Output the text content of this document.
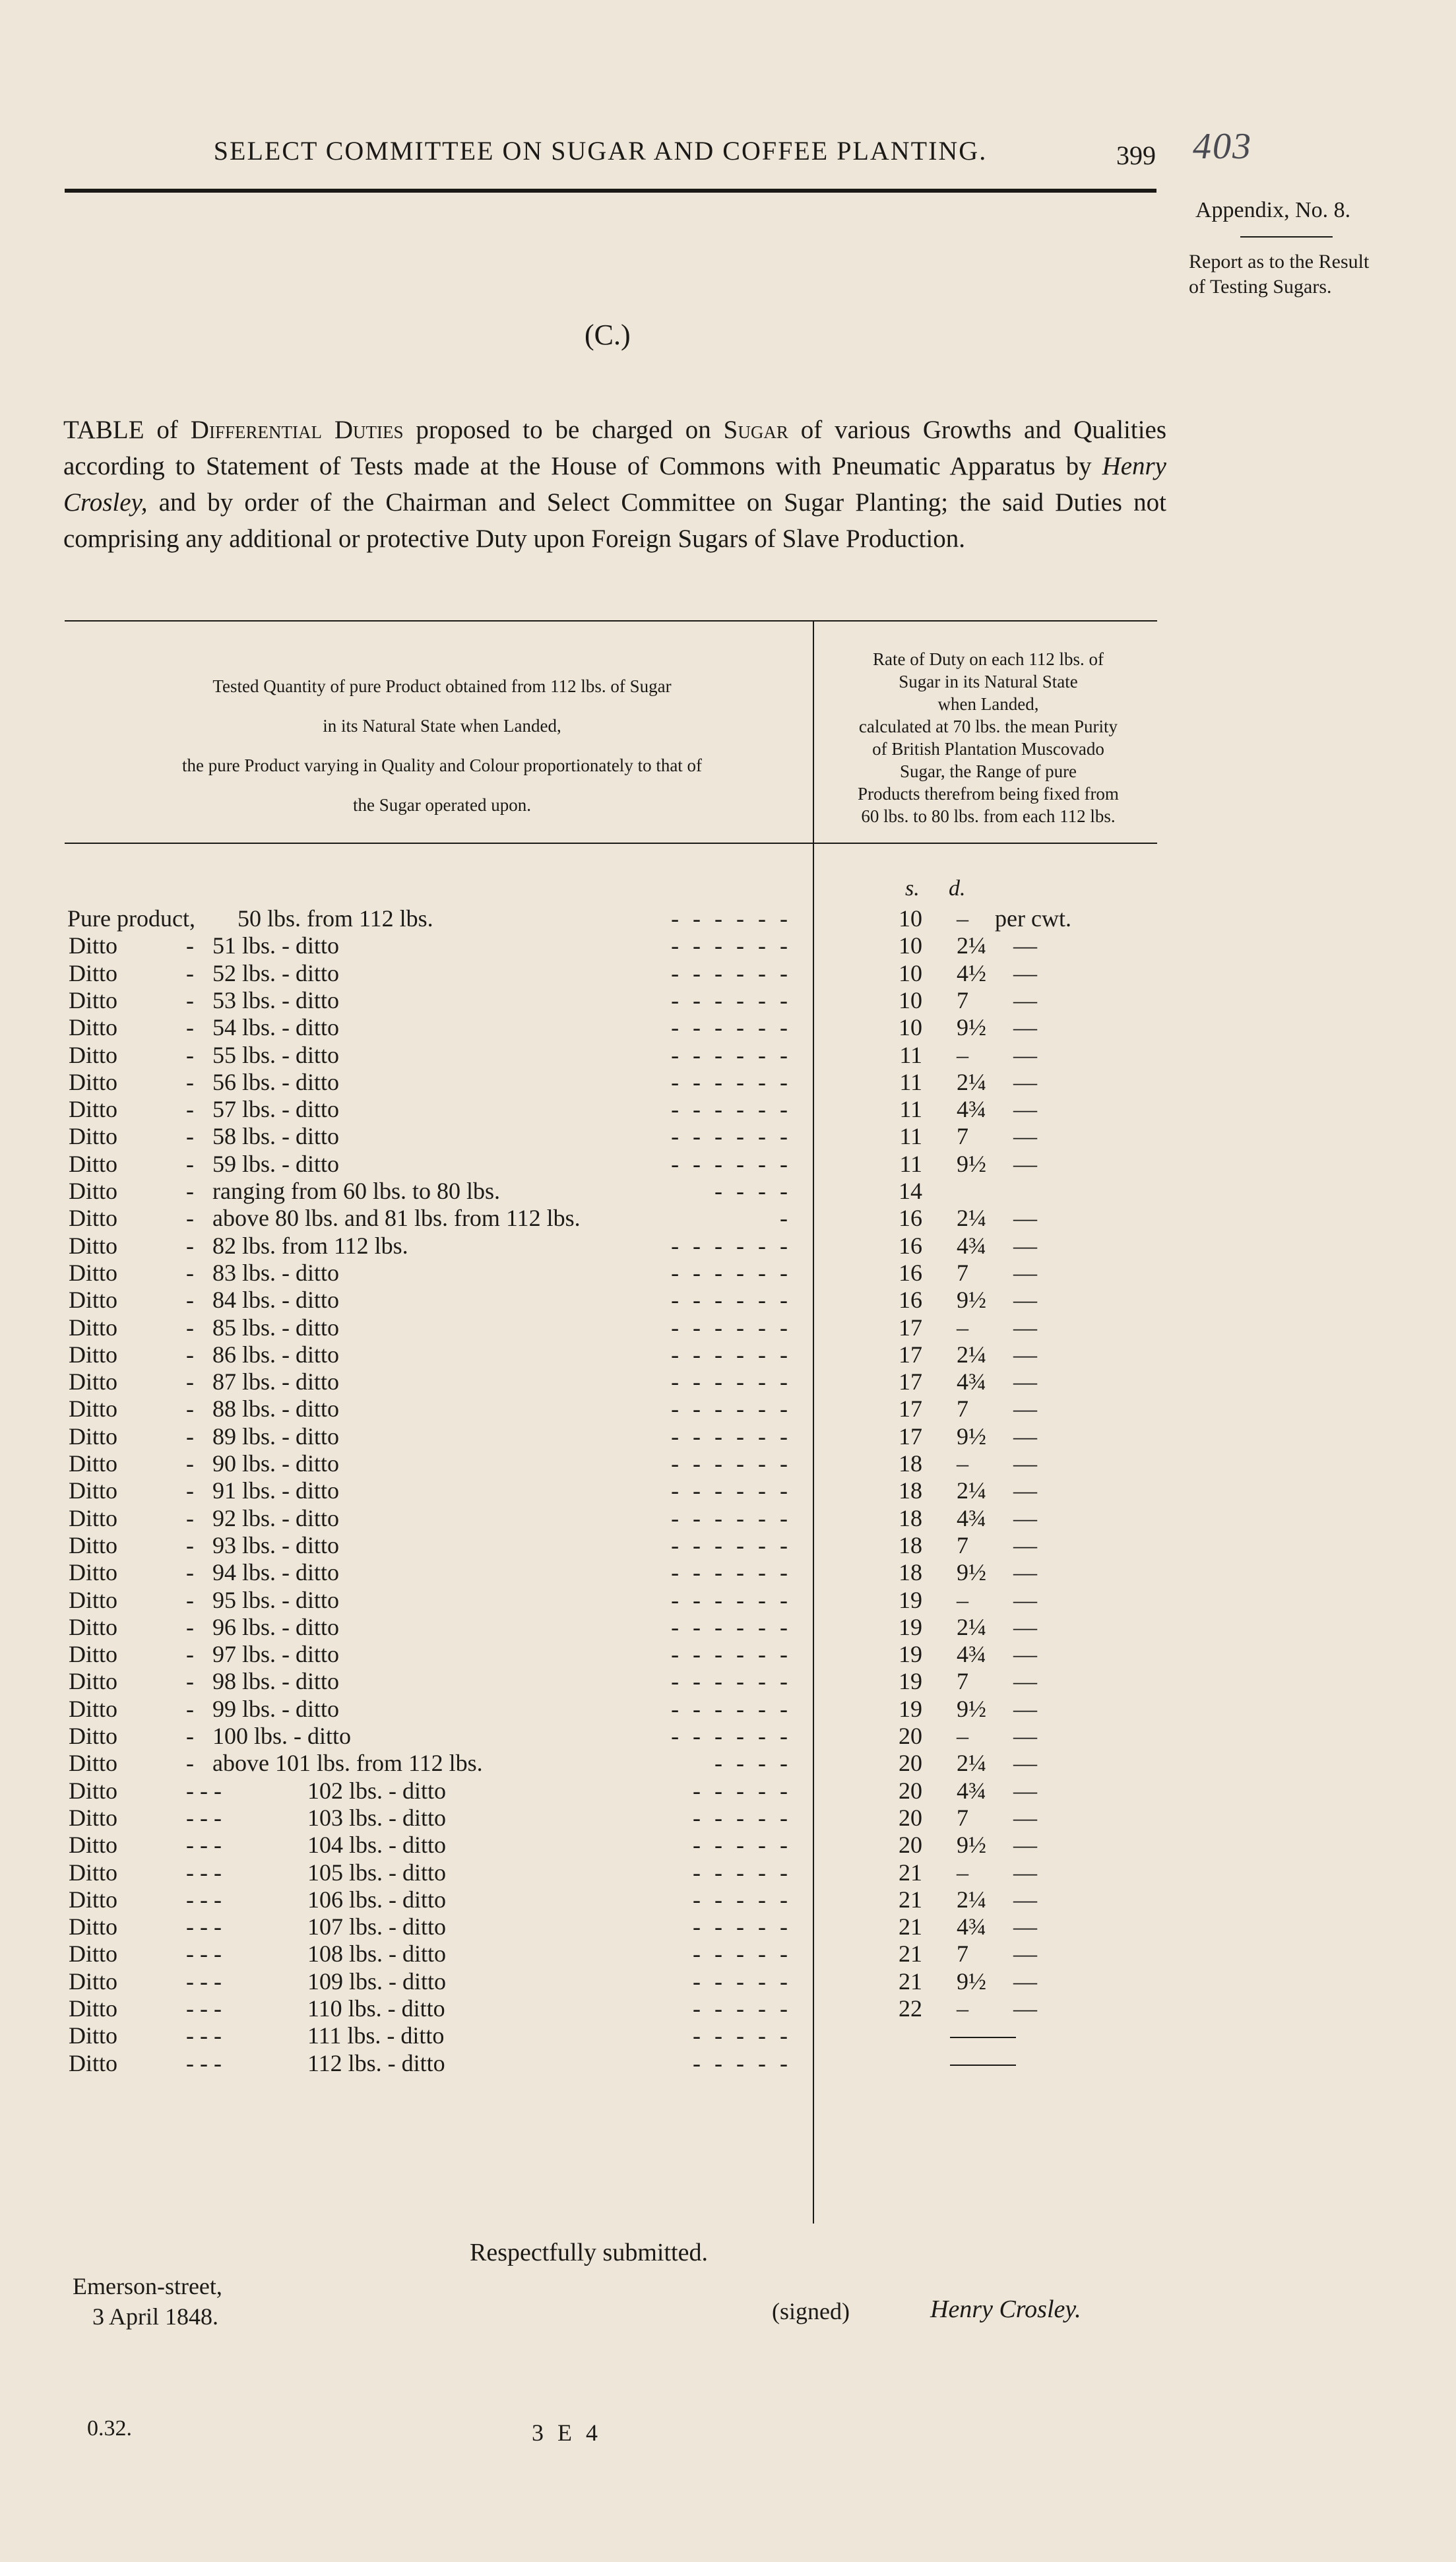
SELECT COMMITTEE ON SUGAR AND COFFEE PLANTING.	399 403
Appendix, No. 8.
Report as to the Result of Testing Sugars.
(C.)
TABLE of Differential Duties proposed to be charged on Sugar of various Growths and Qualities according to Statement of Tests made at the House of Commons with Pneumatic Apparatus by Henry Crosley, and by order of the Chairman and Select Committee on Sugar Planting; the said Duties not comprising any additional or protective Duty upon Foreign Sugars of Slave Production.
Tested Quantity of pure Product obtained from 112 lbs. of Sugar
in its Natural State when Landed,
the pure Product varying in Quality and Colour proportionately to that of
the Sugar operated upon.
Rate of Duty on each 112 lbs. of
Sugar in its Natural State
when Landed,
calculated at 70 lbs. the mean Purity
of British Plantation Muscovado
Sugar, the Range of pure
Products therefrom being fixed from
60 lbs. to 80 lbs. from each 112 lbs.
s. d.
Pure product, 50 lbs. from 112 lbs.	- - - - - -	10 – per cwt.
Ditto	- 51 lbs. - ditto	- - - - - -	10 2¼ —
Ditto	- 52 lbs. - ditto	- - - - - -	10 4½ —
Ditto	- 53 lbs. - ditto	- - - - - -	10 7 —
Ditto	- 54 lbs. - ditto	- - - - - -	10 9½ —
Ditto	- 55 lbs. - ditto	- - - - - -	11 – —
Ditto	- 56 lbs. - ditto	- - - - - -	11 2¼ —
Ditto	- 57 lbs. - ditto	- - - - - -	11 4¾ —
Ditto	- 58 lbs. - ditto	- - - - - -	11 7 —
Ditto	- 59 lbs. - ditto	- - - - - -	11 9½ —
Ditto	- ranging from 60 lbs. to 80 lbs.	- - - -	14
Ditto	- above 80 lbs. and 81 lbs. from 112 lbs.	-	16 2¼ —
Ditto	- 82 lbs. from 112 lbs.	- - - - - -	16 4¾ —
Ditto	- 83 lbs. - ditto	- - - - - -	16 7 —
Ditto	- 84 lbs. - ditto	- - - - - -	16 9½ —
Ditto	- 85 lbs. - ditto	- - - - - -	17 – —
Ditto	- 86 lbs. - ditto	- - - - - -	17 2¼ —
Ditto	- 87 lbs. - ditto	- - - - - -	17 4¾ —
Ditto	- 88 lbs. - ditto	- - - - - -	17 7 —
Ditto	- 89 lbs. - ditto	- - - - - -	17 9½ —
Ditto	- 90 lbs. - ditto	- - - - - -	18 – —
Ditto	- 91 lbs. - ditto	- - - - - -	18 2¼ —
Ditto	- 92 lbs. - ditto	- - - - - -	18 4¾ —
Ditto	- 93 lbs. - ditto	- - - - - -	18 7 —
Ditto	- 94 lbs. - ditto	- - - - - -	18 9½ —
Ditto	- 95 lbs. - ditto	- - - - - -	19 – —
Ditto	- 96 lbs. - ditto	- - - - - -	19 2¼ —
Ditto	- 97 lbs. - ditto	- - - - - -	19 4¾ —
Ditto	- 98 lbs. - ditto	- - - - - -	19 7 —
Ditto	- 99 lbs. - ditto	- - - - - -	19 9½ —
Ditto	- 100 lbs. - ditto	- - - - - -	20 – —
Ditto	- above 101 lbs. from 112 lbs.	- - - -	20 2¼ —
Ditto	- - -	102 lbs. - ditto	- - - - -	20 4¾ —
Ditto	- - -	103 lbs. - ditto	- - - - -	20 7 —
Ditto	- - -	104 lbs. - ditto	- - - - -	20 9½ —
Ditto	- - -	105 lbs. - ditto	- - - - -	21 – —
Ditto	- - -	106 lbs. - ditto	- - - - -	21 2¼ —
Ditto	- - -	107 lbs. - ditto	- - - - -	21 4¾ —
Ditto	- - -	108 lbs. - ditto	- - - - -	21 7 —
Ditto	- - -	109 lbs. - ditto	- - - - -	21 9½ —
Ditto	- - -	110 lbs. - ditto	- - - - -	22 – —
Ditto	- - -	111 lbs. - ditto	- - - - -
Ditto	- - -	112 lbs. - ditto	- - - - -
Respectfully submitted.
Emerson-street,
3 April 1848.	(signed)	Henry Crosley.
0.32.	3 E 4
